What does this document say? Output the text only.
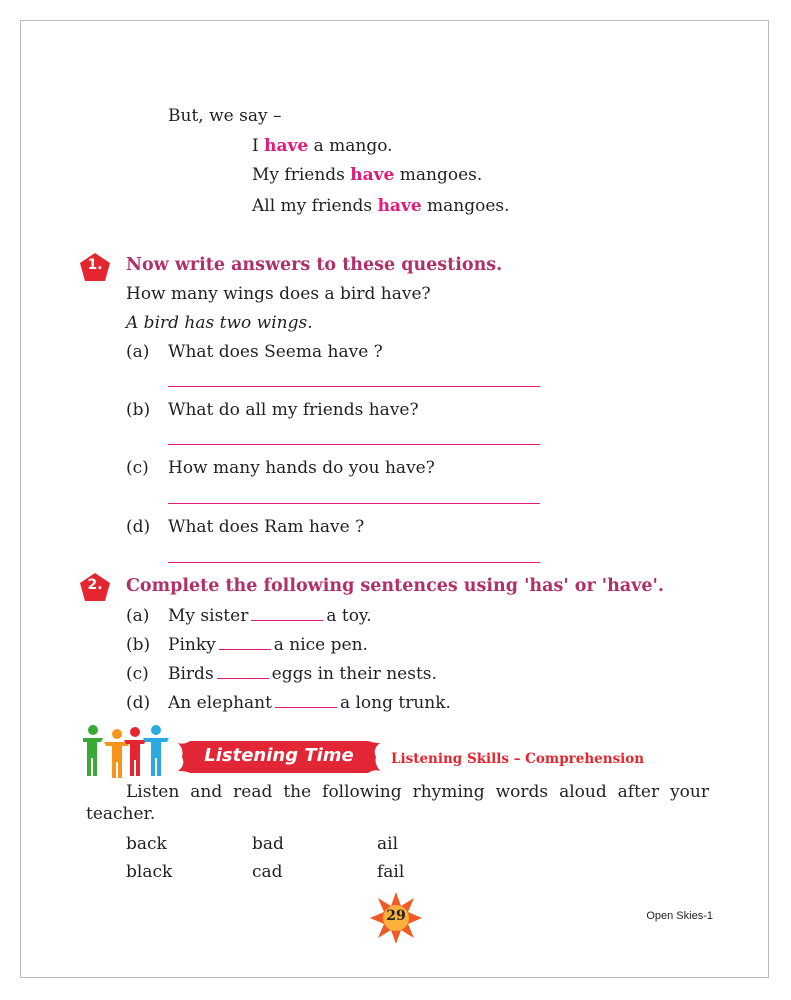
But, we say –
I have a mango.
My friends have mangoes.
All my friends have mangoes.
1.	Now write answers to these questions.
How many wings does a bird have?
A bird has two wings.
(a) What does Seema have ?
(b) What do all my friends have?
(c) How many hands do you have?
(d) What does Ram have ?
2.	Complete the following sentences using 'has' or 'have'.
(a) My sister	a toy.
(b) Pinky	a nice pen.
(c) Birds	eggs in their nests.
(d) An elephant	a long trunk.
Listening Time	Listening Skills – Comprehension
Listen and read the following rhyming words aloud after your
teacher.
back	bad	ail
black	cad	fail
29	Open Skies-1
